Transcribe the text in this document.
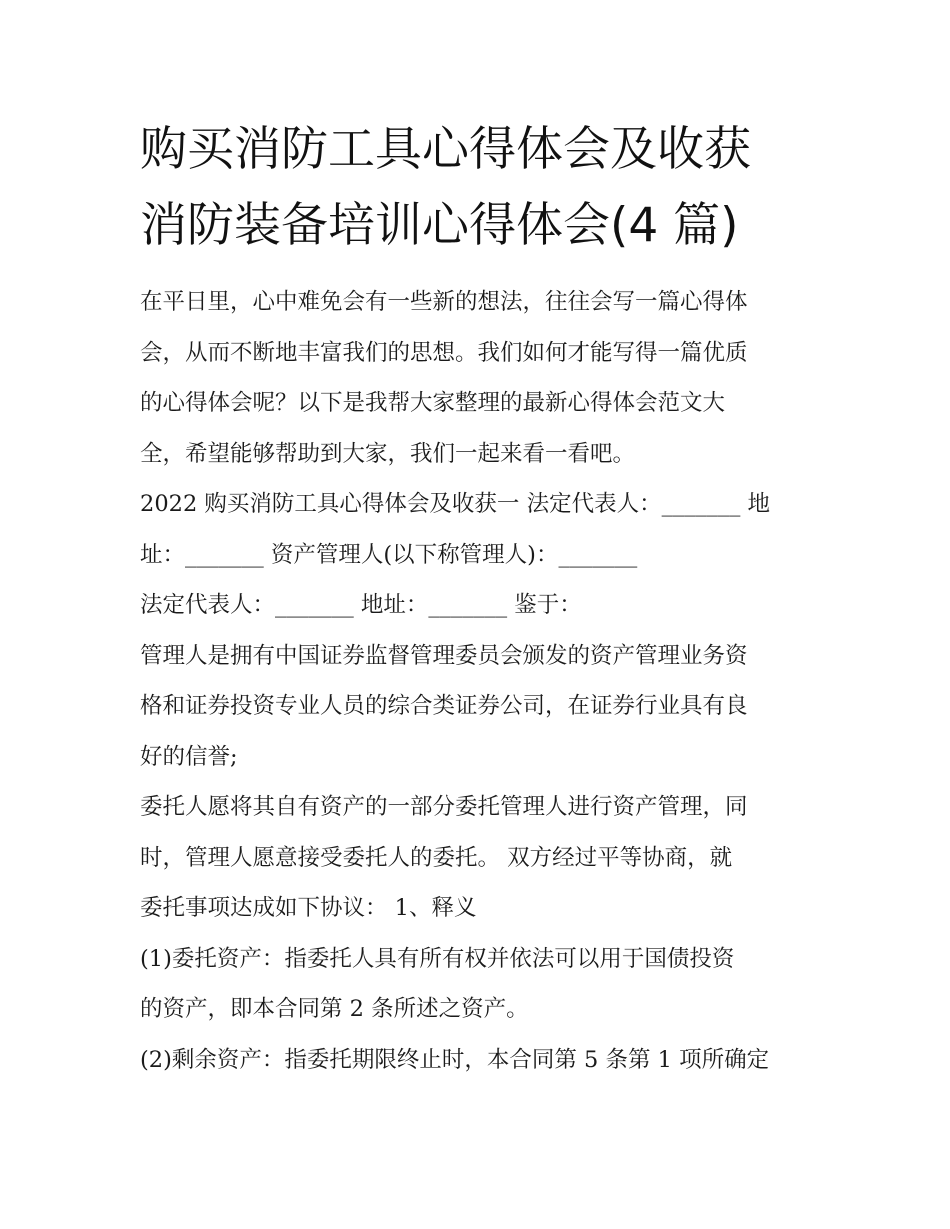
购买消防工具心得体会及收获
消防装备培训心得体会(4 篇)

在平日里，心中难免会有一些新的想法，往往会写一篇心得体
会，从而不断地丰富我们的思想。我们如何才能写得一篇优质
的心得体会呢？以下是我帮大家整理的最新心得体会范文大
全，希望能够帮助到大家，我们一起来看一看吧。

2022 购买消防工具心得体会及收获一 法定代表人：_______ 地
址：_______ 资产管理人(以下称管理人)：_______

法定代表人：_______ 地址：_______ 鉴于：

管理人是拥有中国证券监督管理委员会颁发的资产管理业务资
格和证券投资专业人员的综合类证券公司，在证券行业具有良
好的信誉;

委托人愿将其自有资产的一部分委托管理人进行资产管理，同
时，管理人愿意接受委托人的委托。 双方经过平等协商，就
委托事项达成如下协议： 1、释义

(1)委托资产：指委托人具有所有权并依法可以用于国债投资
的资产，即本合同第 2 条所述之资产。

(2)剩余资产：指委托期限终止时，本合同第 5 条第 1 项所确定
